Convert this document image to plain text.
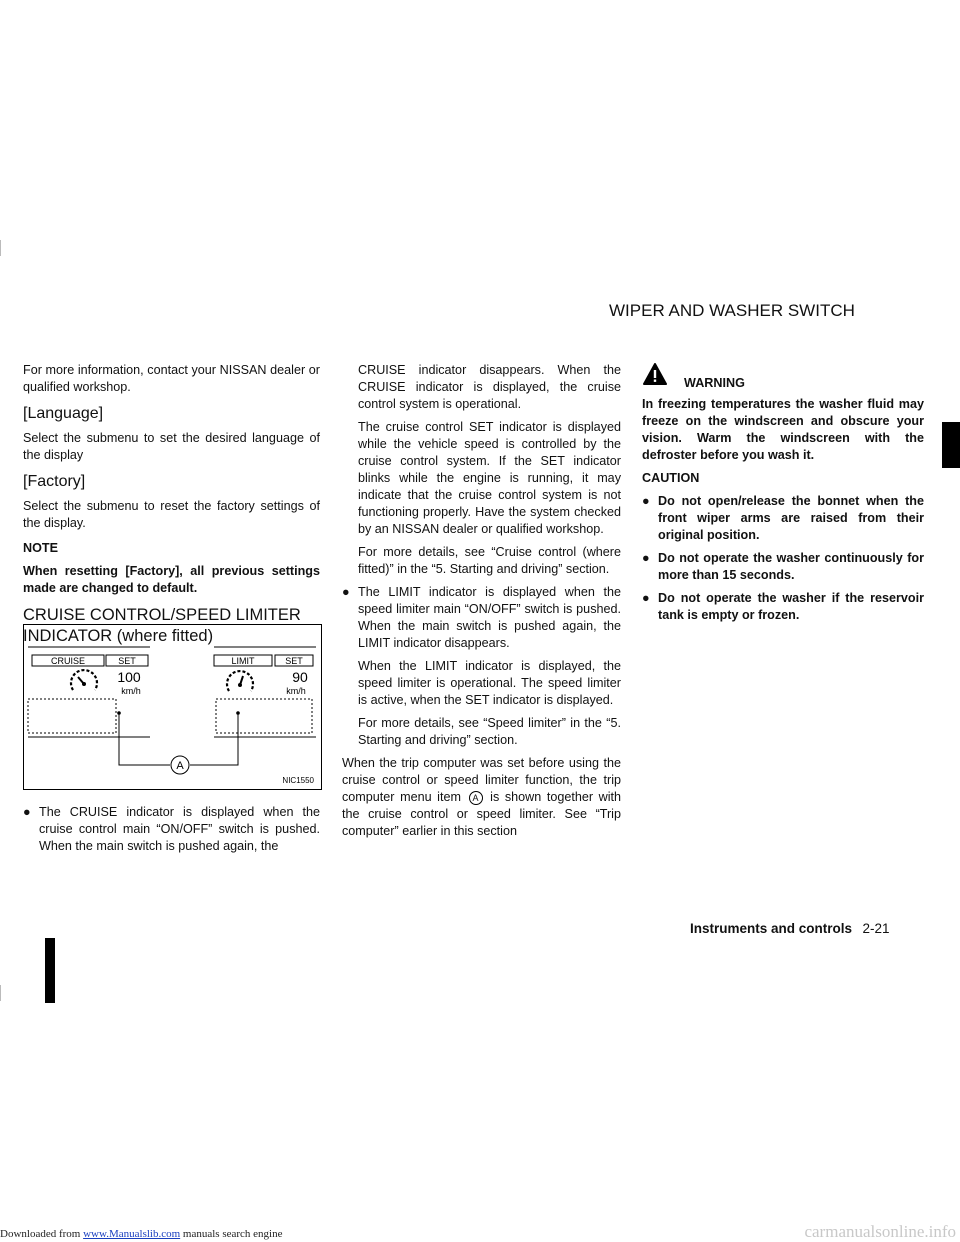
WIPER AND WASHER SWITCH

For more information, contact your NISSAN dealer or qualified workshop.

[Language]

Select the submenu to set the desired language of the display

[Factory]

Select the submenu to reset the factory settings of the display.

NOTE

When resetting [Factory], all previous settings made are changed to default.

CRUISE CONTROL/SPEED LIMITER
INDICATOR (where fitted)
CRUISE	SET
100
km/h
LIMIT	SET
90
km/h
A
NIC1550
● The CRUISE indicator is displayed when the cruise control main “ON/OFF” switch is pushed. When the main switch is pushed again, the

CRUISE indicator disappears. When the CRUISE indicator is displayed, the cruise control system is operational.

The cruise control SET indicator is displayed while the vehicle speed is controlled by the cruise control system. If the SET indicator blinks while the engine is running, it may indicate that the cruise control system is not functioning properly. Have the system checked by an NISSAN dealer or qualified workshop.

For more details, see “Cruise control (where fitted)” in the “5. Starting and driving” section.

● The LIMIT indicator is displayed when the speed limiter main “ON/OFF” switch is pushed. When the main switch is pushed again, the LIMIT indicator disappears.

When the LIMIT indicator is displayed, the speed limiter is operational. The speed limiter is active, when the SET indicator is displayed.

For more details, see “Speed limiter” in the “5. Starting and driving” section.

When the trip computer was set before using the cruise control or speed limiter function, the trip computer menu item A is shown together with the cruise control or speed limiter. See “Trip computer” earlier in this section

WARNING

In freezing temperatures the washer fluid may freeze on the windscreen and obscure your vision. Warm the windscreen with the defroster before you wash it.

CAUTION

● Do not open/release the bonnet when the front wiper arms are raised from their original position.
● Do not operate the washer continuously for more than 15 seconds.
● Do not operate the washer if the reservoir tank is empty or frozen.
Instruments and controls 2-21
Downloaded from www.Manualslib.com manuals search engine	carmanualsonline.info
